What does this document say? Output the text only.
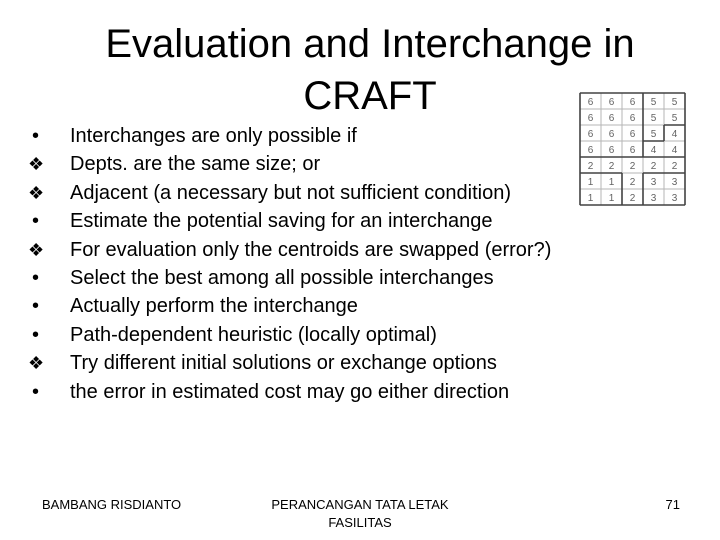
Evaluation and Interchange in
CRAFT	6 6 6 5 5
6 6 6 5 5
6 6 6 5 4
6 6 6 4 4
2 2 2 2 2
1 1 2 3 3
1 1 2 3 3
•	Interchanges are only possible if
❖	Depts. are the same size; or
❖	Adjacent (a necessary but not sufficient condition)
•	Estimate the potential saving for an interchange
❖	For evaluation only the centroids are swapped (error?)
•	Select the best among all possible interchanges
•	Actually perform the interchange
•	Path-dependent heuristic (locally optimal)
❖	Try different initial solutions or exchange options
•	the error in estimated cost may go either direction
BAMBANG RISDIANTO	PERANCANGAN TATA LETAK FASILITAS
71
